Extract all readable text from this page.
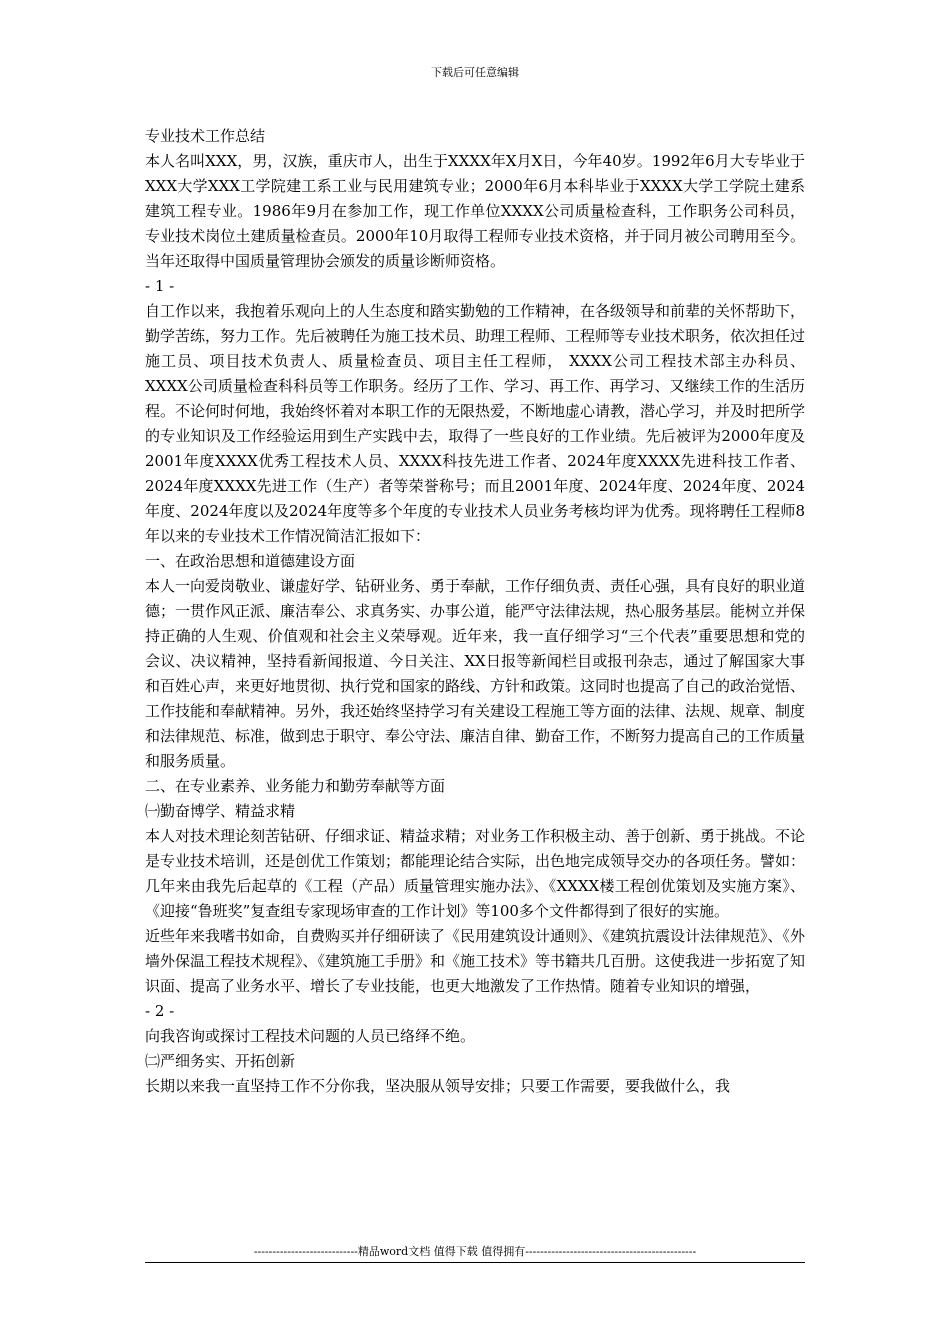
下载后可任意编辑

专业技术工作总结

本人名叫XXX，男，汉族，重庆市人，出生于XXXX年X月X日，今年40岁。1992年6月大专毕业于XXX大学XXX工学院建工系工业与民用建筑专业；2000年6月本科毕业于XXXX大学工学院土建系建筑工程专业。1986年9月在参加工作，现工作单位XXXX公司质量检查科，工作职务公司科员，专业技术岗位土建质量检查员。2000年10月取得工程师专业技术资格，并于同月被公司聘用至今。当年还取得中国质量管理协会颁发的质量诊断师资格。

- 1 -

自工作以来，我抱着乐观向上的人生态度和踏实勤勉的工作精神，在各级领导和前辈的关怀帮助下，勤学苦练，努力工作。先后被聘任为施工技术员、助理工程师、工程师等专业技术职务，依次担任过施工员、项目技术负责人、质量检查员、项目主任工程师， XXXX公司工程技术部主办科员、XXXX公司质量检查科科员等工作职务。经历了工作、学习、再工作、再学习、又继续工作的生活历程。不论何时何地，我始终怀着对本职工作的无限热爱，不断地虚心请教，潜心学习，并及时把所学的专业知识及工作经验运用到生产实践中去，取得了一些良好的工作业绩。先后被评为2000年度及2001年度XXXX优秀工程技术人员、XXXX科技先进工作者、2024年度XXXX先进科技工作者、2024年度XXXX先进工作（生产）者等荣誉称号；而且2001年度、2024年度、2024年度、2024年度、2024年度以及2024年度等多个年度的专业技术人员业务考核均评为优秀。现将聘任工程师8年以来的专业技术工作情况简洁汇报如下：

一、在政治思想和道德建设方面

本人一向爱岗敬业、谦虚好学、钻研业务、勇于奉献，工作仔细负责、责任心强，具有良好的职业道德；一贯作风正派、廉洁奉公、求真务实、办事公道，能严守法律法规，热心服务基层。能树立并保持正确的人生观、价值观和社会主义荣辱观。近年来，我一直仔细学习“三个代表”重要思想和党的会议、决议精神，坚持看新闻报道、今日关注、XX日报等新闻栏目或报刊杂志，通过了解国家大事和百姓心声，来更好地贯彻、执行党和国家的路线、方针和政策。这同时也提高了自己的政治觉悟、工作技能和奉献精神。另外，我还始终坚持学习有关建设工程施工等方面的法律、法规、规章、制度和法律规范、标准，做到忠于职守、奉公守法、廉洁自律、勤奋工作，不断努力提高自己的工作质量和服务质量。

二、在专业素养、业务能力和勤劳奉献等方面

㈠勤奋博学、精益求精

本人对技术理论刻苦钻研、仔细求证、精益求精；对业务工作积极主动、善于创新、勇于挑战。不论是专业技术培训，还是创优工作策划；都能理论结合实际，出色地完成领导交办的各项任务。譬如：几年来由我先后起草的《工程（产品）质量管理实施办法》、《XXXX楼工程创优策划及实施方案》、《迎接“鲁班奖”复查组专家现场审查的工作计划》等100多个文件都得到了很好的实施。

近些年来我嗜书如命，自费购买并仔细研读了《民用建筑设计通则》、《建筑抗震设计法律规范》、《外墙外保温工程技术规程》、《建筑施工手册》和《施工技术》等书籍共几百册。这使我进一步拓宽了知识面、提高了业务水平、增长了专业技能，也更大地激发了工作热情。随着专业知识的增强，

- 2 -

向我咨询或探讨工程技术问题的人员已络绎不绝。

㈡严细务实、开拓创新

长期以来我一直坚持工作不分你我，坚决服从领导安排；只要工作需要，要我做什么，我

----------------------------精品word文档 值得下载 值得拥有----------------------------------------------
